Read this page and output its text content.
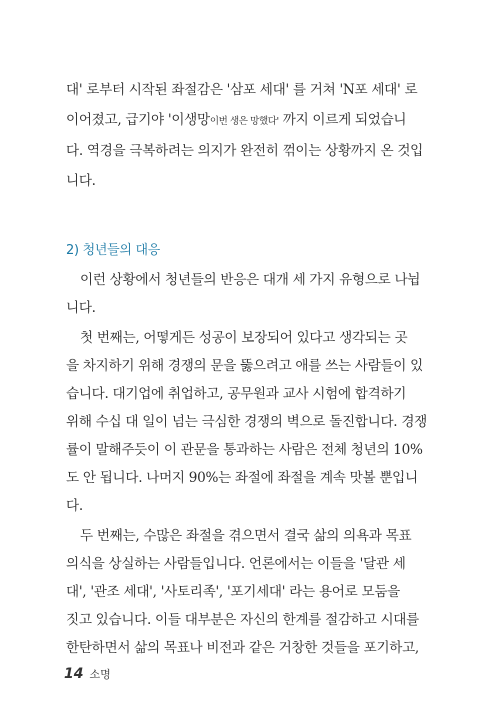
대' 로부터 시작된 좌절감은 '삼포 세대' 를 거쳐 'N포 세대' 로
이어졌고, 급기야 '이생망이번 생은 망했다' 까지 이르게 되었습니
다. 역경을 극복하려는 의지가 완전히 꺾이는 상황까지 온 것입
니다.
2) 청년들의 대응
이런 상황에서 청년들의 반응은 대개 세 가지 유형으로 나뉩
니다.
첫 번째는, 어떻게든 성공이 보장되어 있다고 생각되는 곳
을 차지하기 위해 경쟁의 문을 뚫으려고 애를 쓰는 사람들이 있
습니다. 대기업에 취업하고, 공무원과 교사 시험에 합격하기
위해 수십 대 일이 넘는 극심한 경쟁의 벽으로 돌진합니다. 경쟁
률이 말해주듯이 이 관문을 통과하는 사람은 전체 청년의 10%
도 안 됩니다. 나머지 90%는 좌절에 좌절을 계속 맛볼 뿐입니
다.
두 번째는, 수많은 좌절을 겪으면서 결국 삶의 의욕과 목표
의식을 상실하는 사람들입니다. 언론에서는 이들을 '달관 세
대', '관조 세대', '사토리족', '포기세대' 라는 용어로 모둠을
짓고 있습니다. 이들 대부분은 자신의 한계를 절감하고 시대를
한탄하면서 삶의 목표나 비전과 같은 거창한 것들을 포기하고,
14 소명
